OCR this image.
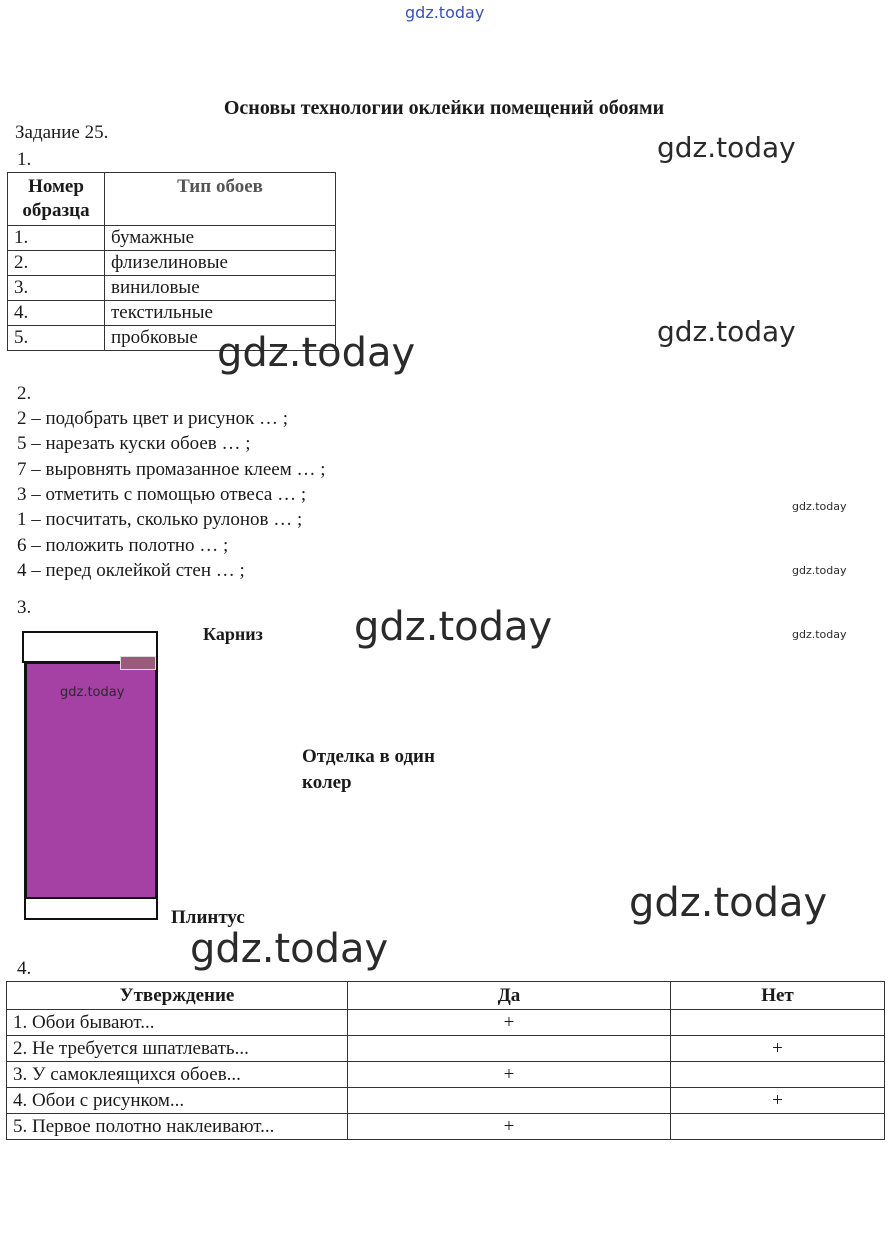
gdz.today
Основы технологии оклейки помещений обоями
Задание 25.
1.
Номер образца	Тип обоев
1.	бумажные
2.	флизелиновые
3.	виниловые
4.	текстильные
5.	пробковые
2.
2 – подобрать цвет и рисунок … ;
5 – нарезать куски обоев … ;
7 – выровнять промазанное клеем … ;
3 – отметить с помощью отвеса … ;
1 – посчитать, сколько рулонов … ;
6 – положить полотно … ;
4 – перед оклейкой стен … ;
3.
Карниз
Отделка в один
колер
Плинтус
4.
Утверждение	Да	Нет
1. Обои бывают...	+	
2. Не требуется шпатлевать...		+
3. У самоклеящихся обоев...	+	
4. Обои с рисунком...		+
5. Первое полотно наклеивают...	+	
gdz.today
gdz.today
gdz.today
gdz.today
gdz.today
gdz.today
gdz.today
gdz.today
gdz.today
gdz.today
